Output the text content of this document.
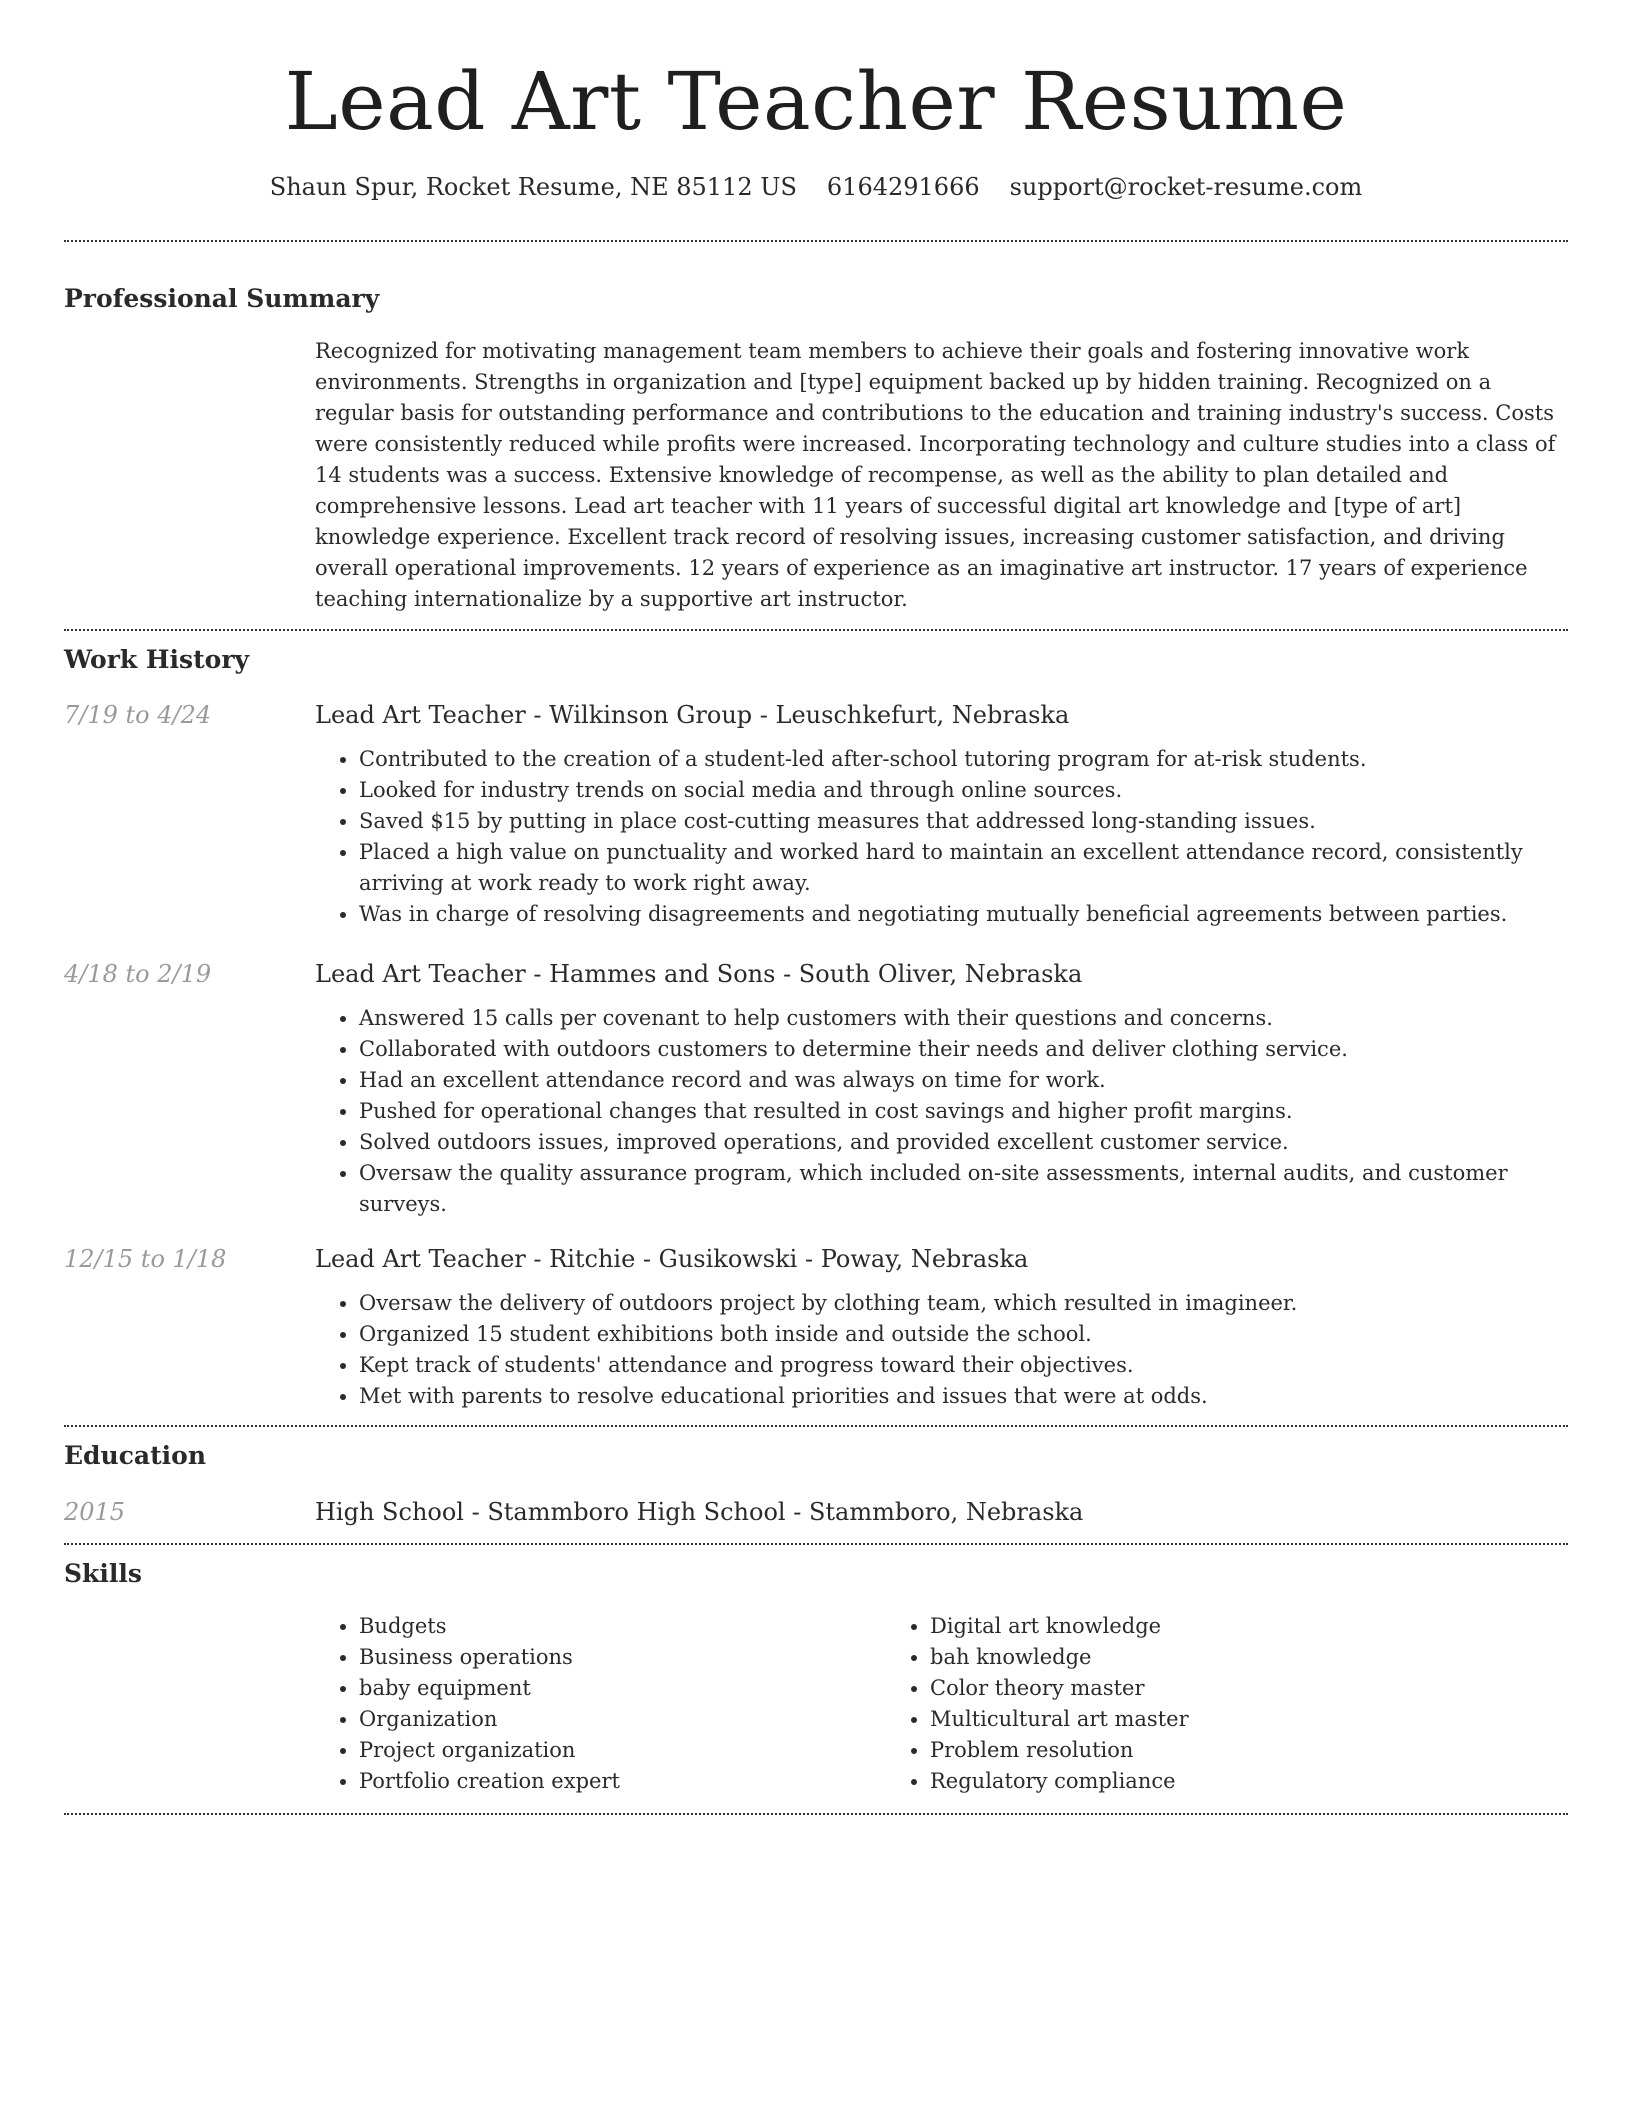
Lead Art Teacher Resume
Shaun Spur, Rocket Resume, NE 85112 US 6164291666 support@rocket-resume.com
Professional Summary

Recognized for motivating management team members to achieve their goals and fostering innovative work environments. Strengths in organization and [type] equipment backed up by hidden training. Recognized on a regular basis for outstanding performance and contributions to the education and training industry's success. Costs were consistently reduced while profits were increased. Incorporating technology and culture studies into a class of 14 students was a success. Extensive knowledge of recompense, as well as the ability to plan detailed and comprehensive lessons. Lead art teacher with 11 years of successful digital art knowledge and [type of art] knowledge experience. Excellent track record of resolving issues, increasing customer satisfaction, and driving overall operational improvements. 12 years of experience as an imaginative art instructor. 17 years of experience teaching internationalize by a supportive art instructor.

Work History
7/19 to 4/24	Lead Art Teacher - Wilkinson Group - Leuschkefurt, Nebraska
• Contributed to the creation of a student-led after-school tutoring program for at-risk students.
• Looked for industry trends on social media and through online sources.
• Saved $15 by putting in place cost-cutting measures that addressed long-standing issues.
• Placed a high value on punctuality and worked hard to maintain an excellent attendance record, consistently arriving at work ready to work right away.
• Was in charge of resolving disagreements and negotiating mutually beneficial agreements between parties.
4/18 to 2/19	Lead Art Teacher - Hammes and Sons - South Oliver, Nebraska
• Answered 15 calls per covenant to help customers with their questions and concerns.
• Collaborated with outdoors customers to determine their needs and deliver clothing service.
• Had an excellent attendance record and was always on time for work.
• Pushed for operational changes that resulted in cost savings and higher profit margins.
• Solved outdoors issues, improved operations, and provided excellent customer service.
• Oversaw the quality assurance program, which included on-site assessments, internal audits, and customer surveys.
12/15 to 1/18	Lead Art Teacher - Ritchie - Gusikowski - Poway, Nebraska
• Oversaw the delivery of outdoors project by clothing team, which resulted in imagineer.
• Organized 15 student exhibitions both inside and outside the school.
• Kept track of students' attendance and progress toward their objectives.
• Met with parents to resolve educational priorities and issues that were at odds.
Education
2015	High School - Stammboro High School - Stammboro, Nebraska
Skills
• Budgets
• Business operations
• baby equipment
• Organization
• Project organization
• Portfolio creation expert
• Digital art knowledge
• bah knowledge
• Color theory master
• Multicultural art master
• Problem resolution
• Regulatory compliance
